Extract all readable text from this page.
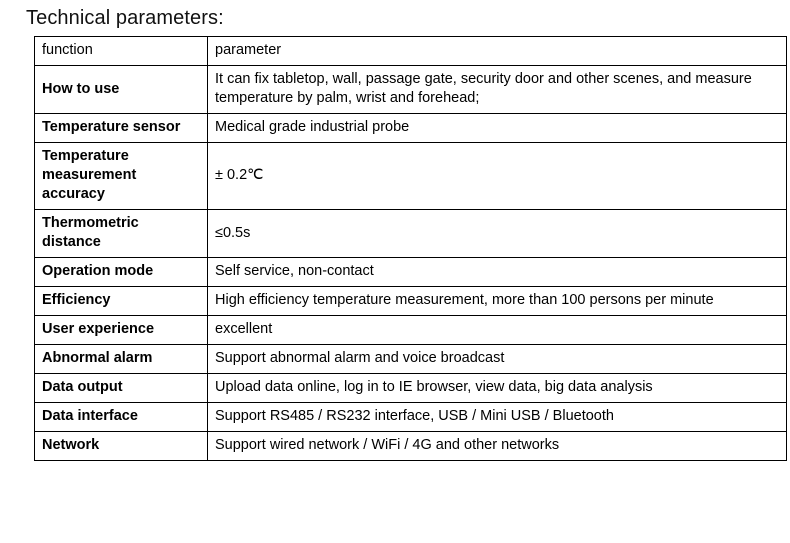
Technical parameters:
function	parameter
How to use	It can fix tabletop, wall, passage gate, security door and other scenes, and measure temperature by palm, wrist and forehead;
Temperature sensor	Medical grade industrial probe
Temperature measurement accuracy	± 0.2℃
Thermometric distance	≤0.5s
Operation mode	Self service, non-contact
Efficiency	High efficiency temperature measurement, more than 100 persons per minute
User experience	excellent
Abnormal alarm	Support abnormal alarm and voice broadcast
Data output	Upload data online, log in to IE browser, view data, big data analysis
Data interface	Support RS485 / RS232 interface, USB / Mini USB / Bluetooth
Network	Support wired network / WiFi / 4G and other networks
